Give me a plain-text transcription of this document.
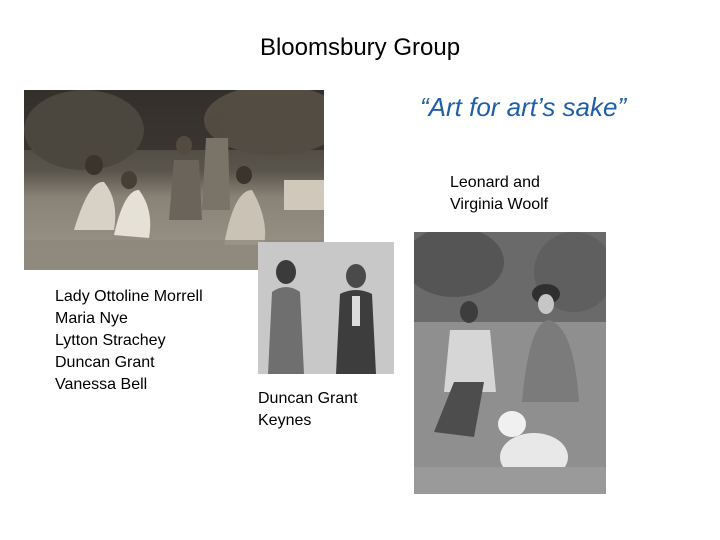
Bloomsbury Group
“Art for art’s sake”
Leonard and
Virginia Woolf
Lady Ottoline Morrell
Maria Nye
Lytton Strachey
Duncan Grant
Vanessa Bell
Duncan Grant
Keynes
